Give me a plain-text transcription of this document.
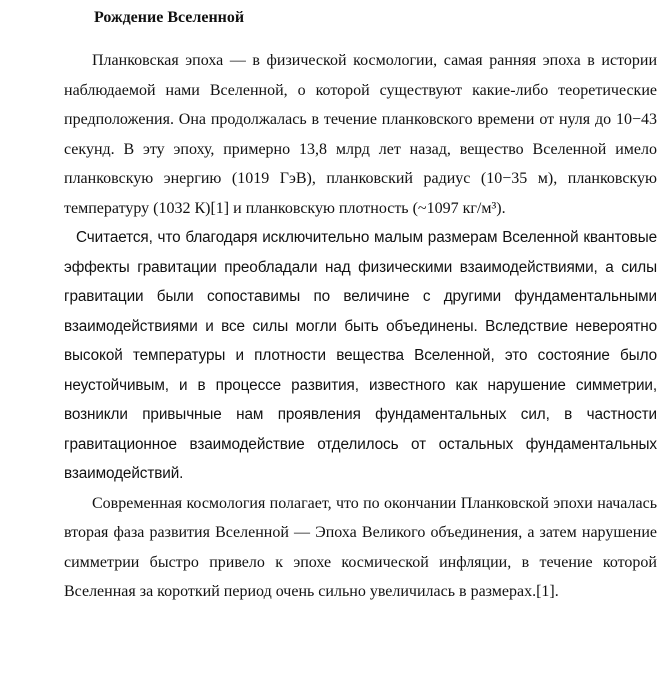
Рождение Вселенной

Планковская эпоха — в физической космологии, самая ранняя эпоха в истории наблюдаемой нами Вселенной, о которой существуют какие-либо теоретические предположения. Она продолжалась в течение планковского времени от нуля до 10−43 секунд. В эту эпоху, примерно 13,8 млрд лет назад, вещество Вселенной имело планковскую энергию (1019 ГэВ), планковский радиус (10−35 м), планковскую температуру (1032 К)[1] и планковскую плотность (~1097 кг/м³).

Считается, что благодаря исключительно малым размерам Вселенной квантовые эффекты гравитации преобладали над физическими взаимодействиями, а силы гравитации были сопоставимы по величине с другими фундаментальными взаимодействиями и все силы могли быть объединены. Вследствие невероятно высокой температуры и плотности вещества Вселенной, это состояние было неустойчивым, и в процессе развития, известного как нарушение симметрии, возникли привычные нам проявления фундаментальных сил, в частности гравитационное взаимодействие отделилось от остальных фундаментальных взаимодействий.

Современная космология полагает, что по окончании Планковской эпохи началась вторая фаза развития Вселенной — Эпоха Великого объединения, а затем нарушение симметрии быстро привело к эпохе космической инфляции, в течение которой Вселенная за короткий период очень сильно увеличилась в размерах.[1].
